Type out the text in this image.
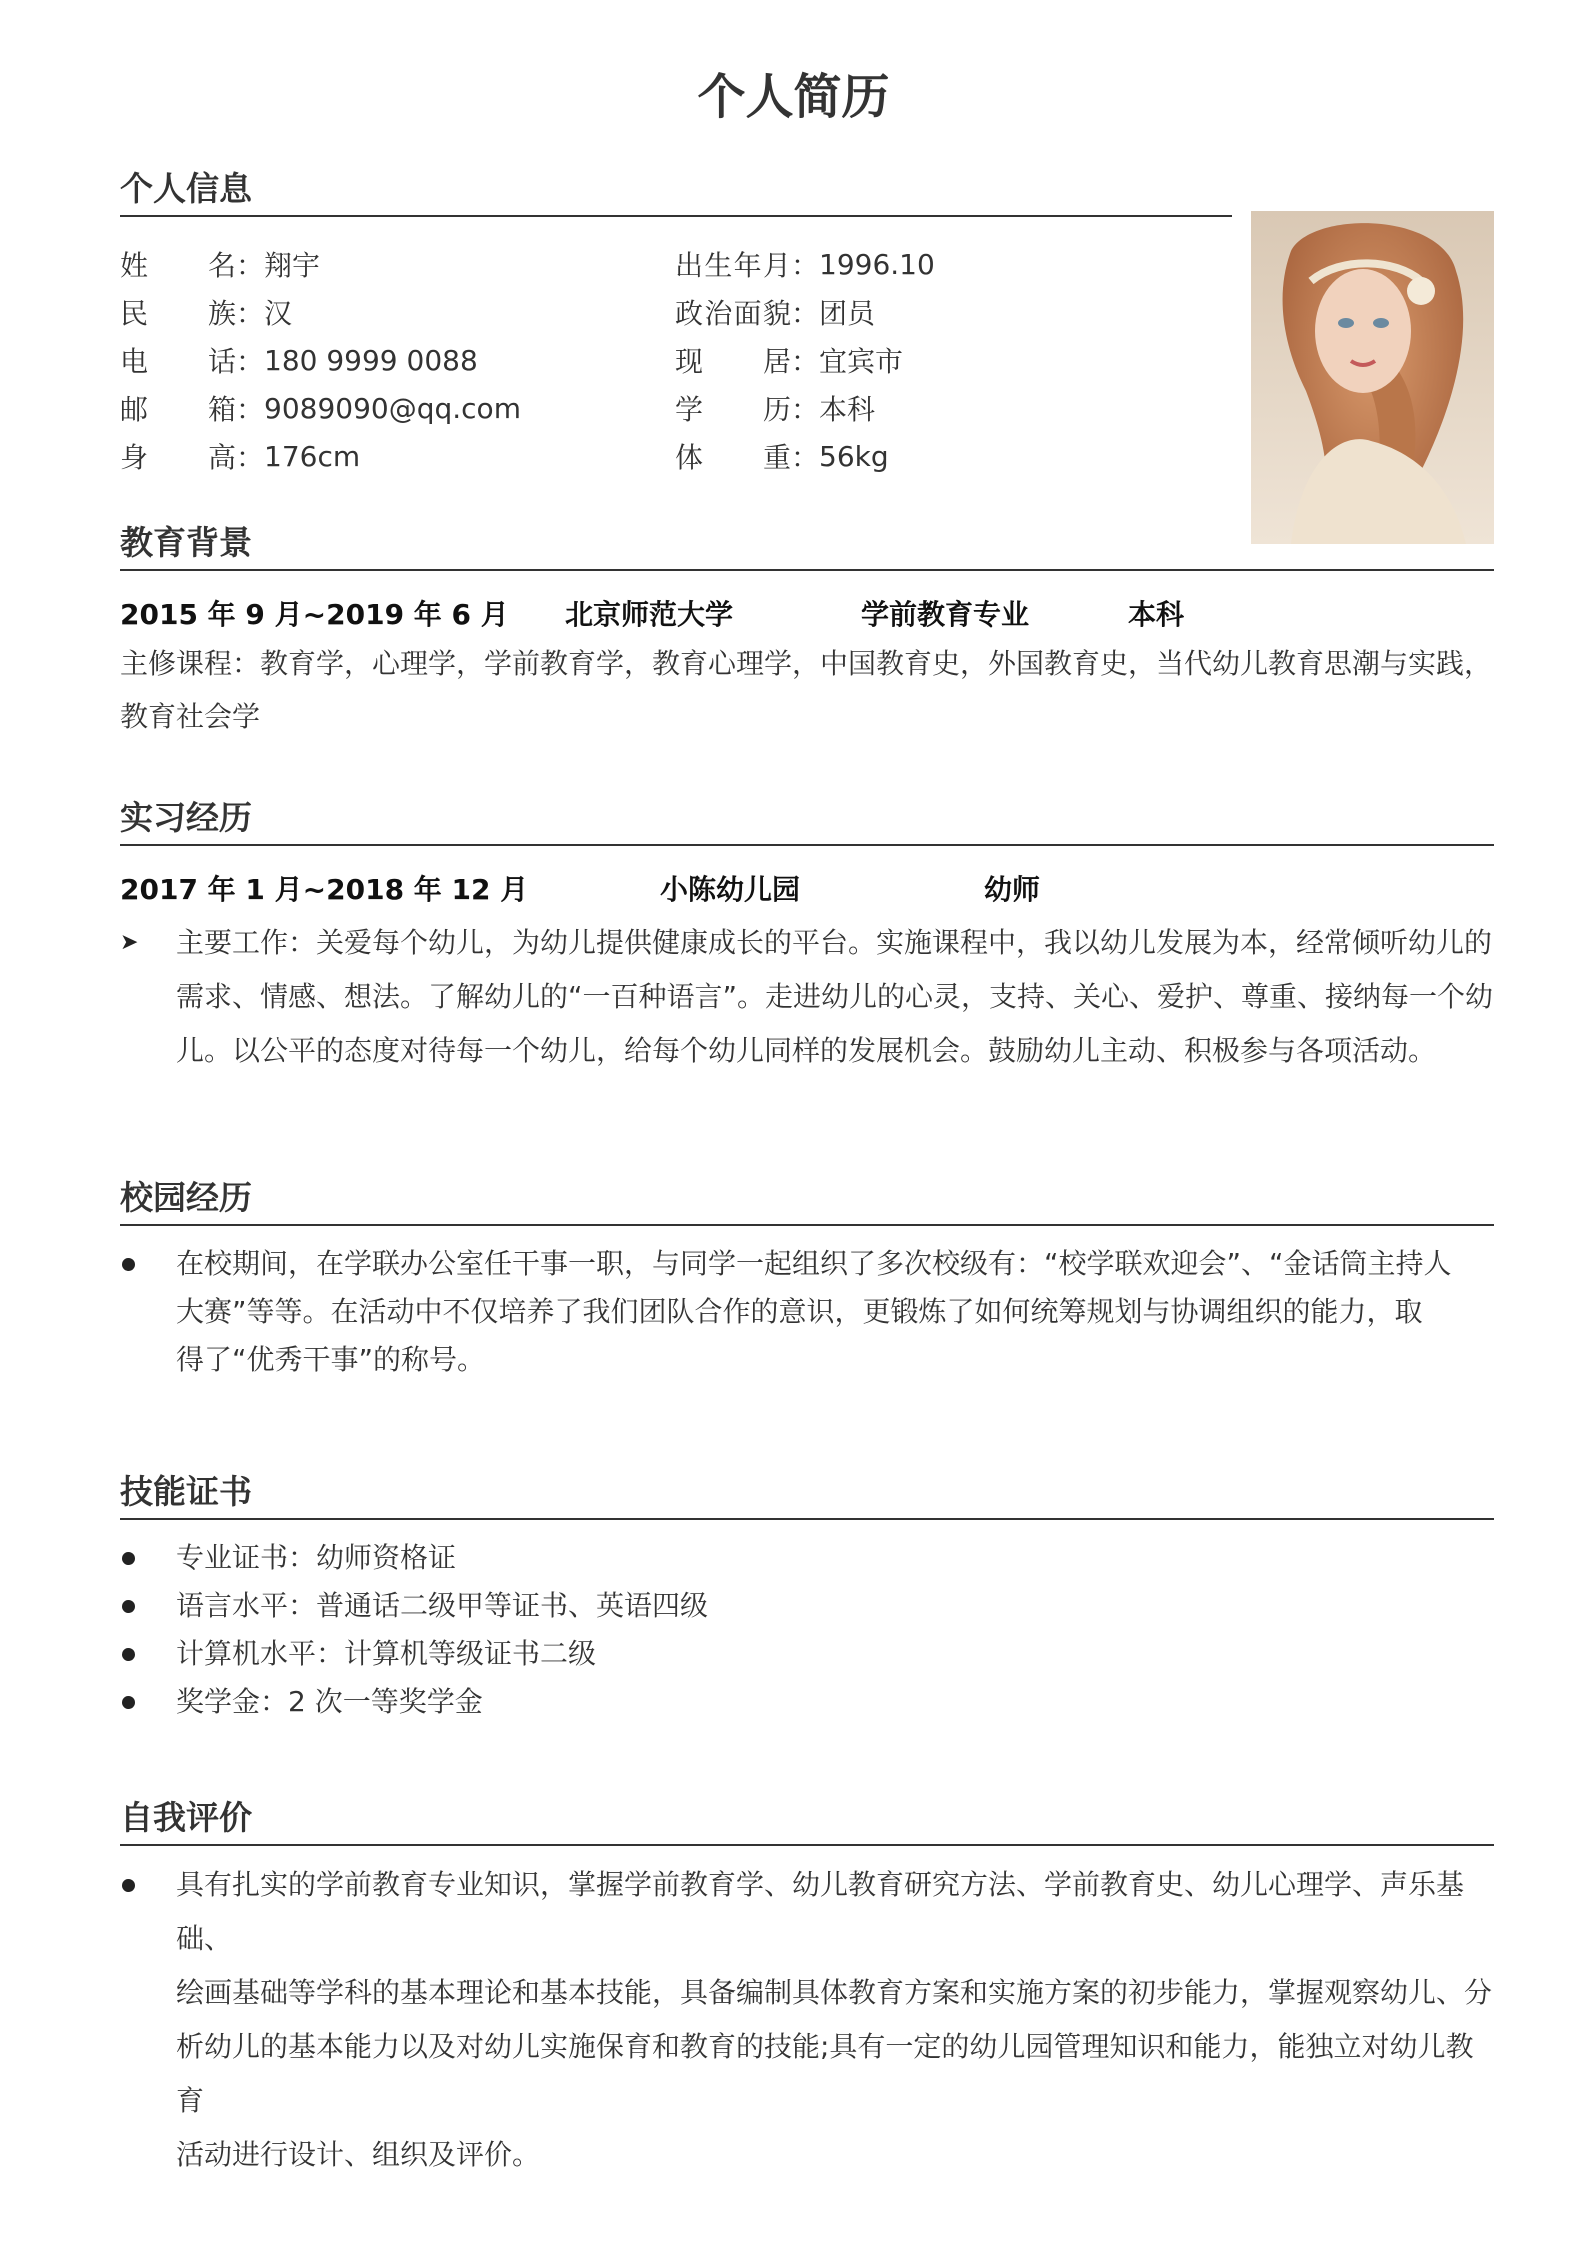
个人简历
个人信息
姓名 ： 翔宇	出生年月 ： 1996.10
民族 ： 汉	政治面貌 ： 团员
电话 ： 180 9999 0088	现居 ： 宜宾市
邮箱 ： 9089090@qq.com	学历 ： 本科
身高 ： 176cm	体重 ： 56kg
教育背景
2015 年 9 月~2019 年 6 月	北京师范大学	学前教育专业	本科
主修课程：教育学，心理学，学前教育学，教育心理学，中国教育史，外国教育史，当代幼儿教育思潮与实践，
教育社会学
实习经历
2017 年 1 月~2018 年 12 月	小陈幼儿园	幼师
➤ 主要工作：关爱每个幼儿，为幼儿提供健康成长的平台。实施课程中，我以幼儿发展为本，经常倾听幼儿的
需求、情感、想法。了解幼儿的“一百种语言”。走进幼儿的心灵，支持、关心、爱护、尊重、接纳每一个幼
儿。以公平的态度对待每一个幼儿，给每个幼儿同样的发展机会。鼓励幼儿主动、积极参与各项活动。
校园经历
在校期间，在学联办公室任干事一职，与同学一起组织了多次校级有：“校学联欢迎会”、“金话筒主持人
大赛”等等。在活动中不仅培养了我们团队合作的意识，更锻炼了如何统筹规划与协调组织的能力，取
得了“优秀干事”的称号。
技能证书
专业证书：幼师资格证
语言水平：普通话二级甲等证书、英语四级
计算机水平：计算机等级证书二级
奖学金：2 次一等奖学金
自我评价
具有扎实的学前教育专业知识，掌握学前教育学、幼儿教育研究方法、学前教育史、幼儿心理学、声乐基础、
绘画基础等学科的基本理论和基本技能，具备编制具体教育方案和实施方案的初步能力，掌握观察幼儿、分
析幼儿的基本能力以及对幼儿实施保育和教育的技能;具有一定的幼儿园管理知识和能力，能独立对幼儿教育
活动进行设计、组织及评价。
